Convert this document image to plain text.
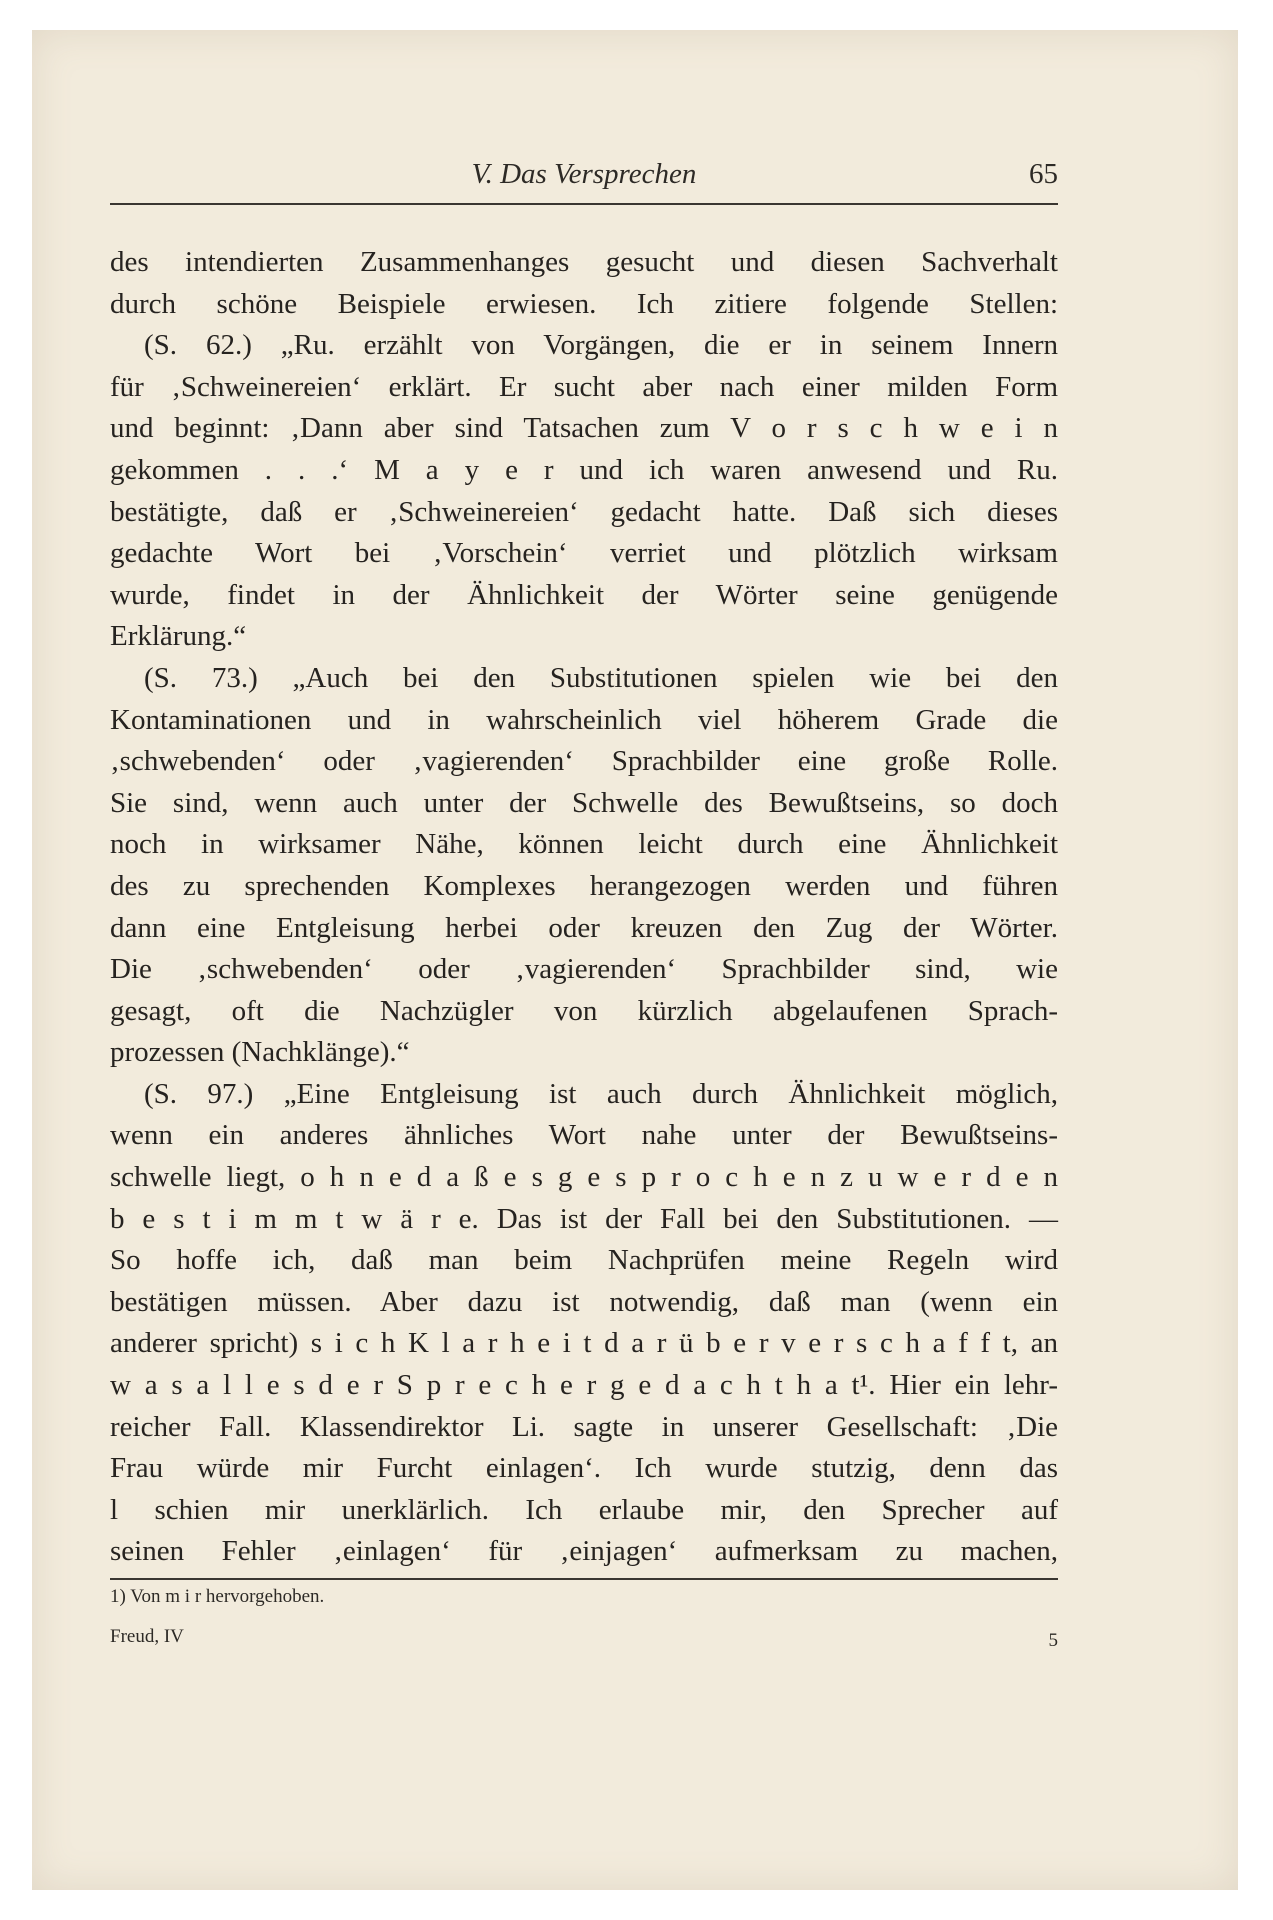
V. Das Versprechen	65
des intendierten Zusammenhanges gesucht und diesen Sachverhalt
durch schöne Beispiele erwiesen. Ich zitiere folgende Stellen:
(S. 62.) „Ru. erzählt von Vorgängen, die er in seinem Innern
für ‚Schweinereien‘ erklärt. Er sucht aber nach einer milden Form
und beginnt: ‚Dann aber sind Tatsachen zum V o r s c h w e i n
gekommen . . .‘ M a y e r und ich waren anwesend und Ru.
bestätigte, daß er ‚Schweinereien‘ gedacht hatte. Daß sich dieses
gedachte Wort bei ‚Vorschein‘ verriet und plötzlich wirksam
wurde, findet in der Ähnlichkeit der Wörter seine genügende
Erklärung.“
(S. 73.) „Auch bei den Substitutionen spielen wie bei den
Kontaminationen und in wahrscheinlich viel höherem Grade die
‚schwebenden‘ oder ‚vagierenden‘ Sprachbilder eine große Rolle.
Sie sind, wenn auch unter der Schwelle des Bewußtseins, so doch
noch in wirksamer Nähe, können leicht durch eine Ähnlichkeit
des zu sprechenden Komplexes herangezogen werden und führen
dann eine Entgleisung herbei oder kreuzen den Zug der Wörter.
Die ‚schwebenden‘ oder ‚vagierenden‘ Sprachbilder sind, wie
gesagt, oft die Nachzügler von kürzlich abgelaufenen Sprach-
prozessen (Nachklänge).“
(S. 97.) „Eine Entgleisung ist auch durch Ähnlichkeit möglich,
wenn ein anderes ähnliches Wort nahe unter der Bewußtseins-
schwelle liegt, o h n e d a ß e s g e s p r o c h e n z u w e r d e n
b e s t i m m t w ä r e. Das ist der Fall bei den Substitutionen. —
So hoffe ich, daß man beim Nachprüfen meine Regeln wird
bestätigen müssen. Aber dazu ist notwendig, daß man (wenn ein
anderer spricht) s i c h K l a r h e i t d a r ü b e r v e r s c h a f f t, an
w a s a l l e s d e r S p r e c h e r g e d a c h t h a t¹. Hier ein lehr-
reicher Fall. Klassendirektor Li. sagte in unserer Gesellschaft: ‚Die
Frau würde mir Furcht einlagen‘. Ich wurde stutzig, denn das
l schien mir unerklärlich. Ich erlaube mir, den Sprecher auf
seinen Fehler ‚einlagen‘ für ‚einjagen‘ aufmerksam zu machen,
1) Von m i r hervorgehoben.
Freud, IV	5
